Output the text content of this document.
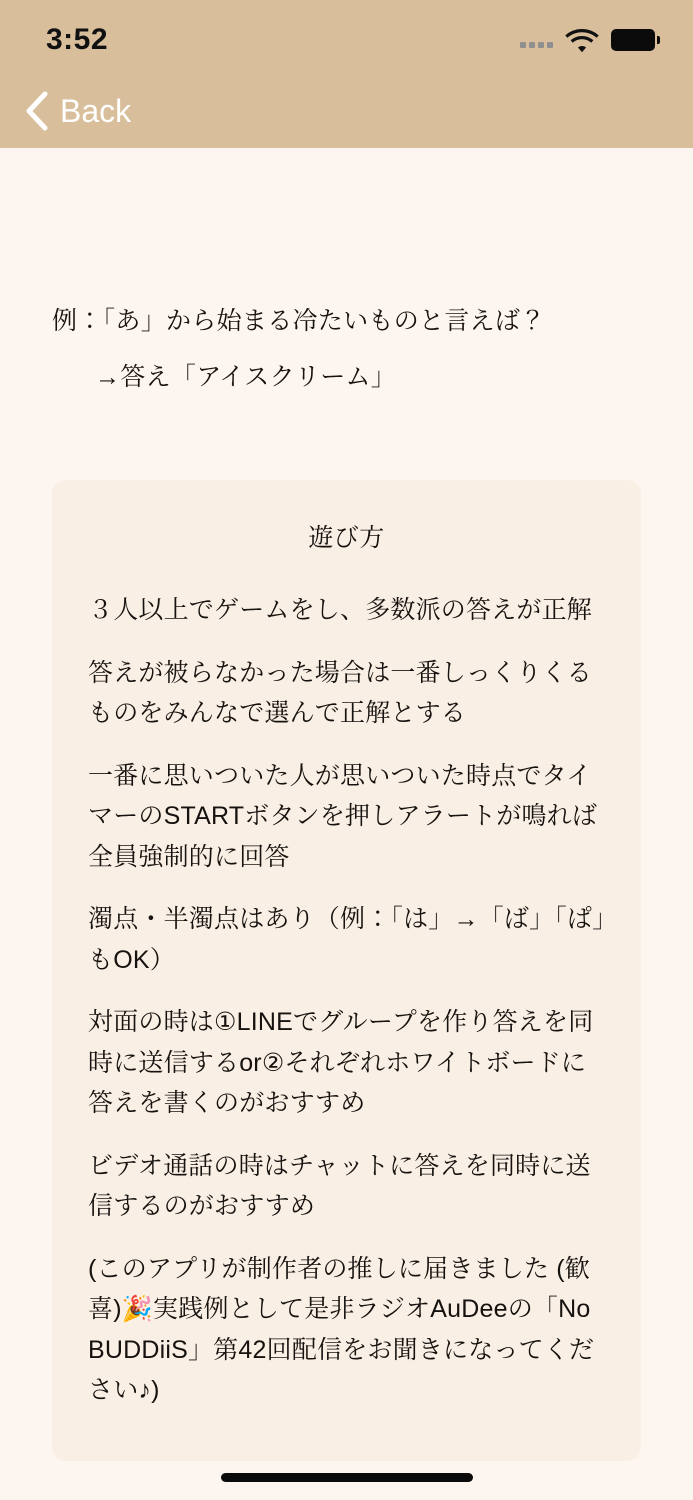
3:52
Back
例：「あ」から始まる冷たいものと言えば？
→答え「アイスクリーム」
遊び方

３人以上でゲームをし、多数派の答えが正解

答えが被らなかった場合は一番しっくりくるものをみんなで選んで正解とする

一番に思いついた人が思いついた時点でタイマーのSTARTボタンを押しアラートが鳴れば全員強制的に回答

濁点・半濁点はあり（例：「は」→「ば」「ぱ」もOK）

対面の時は①LINEでグループを作り答えを同時に送信するor②それぞれホワイトボードに答えを書くのがおすすめ

ビデオ通話の時はチャットに答えを同時に送信するのがおすすめ

(このアプリが制作者の推しに届きました (歓喜)🎉実践例として是非ラジオAuDeeの「No BUDDiiS」第42回配信をお聞きになってください♪)
